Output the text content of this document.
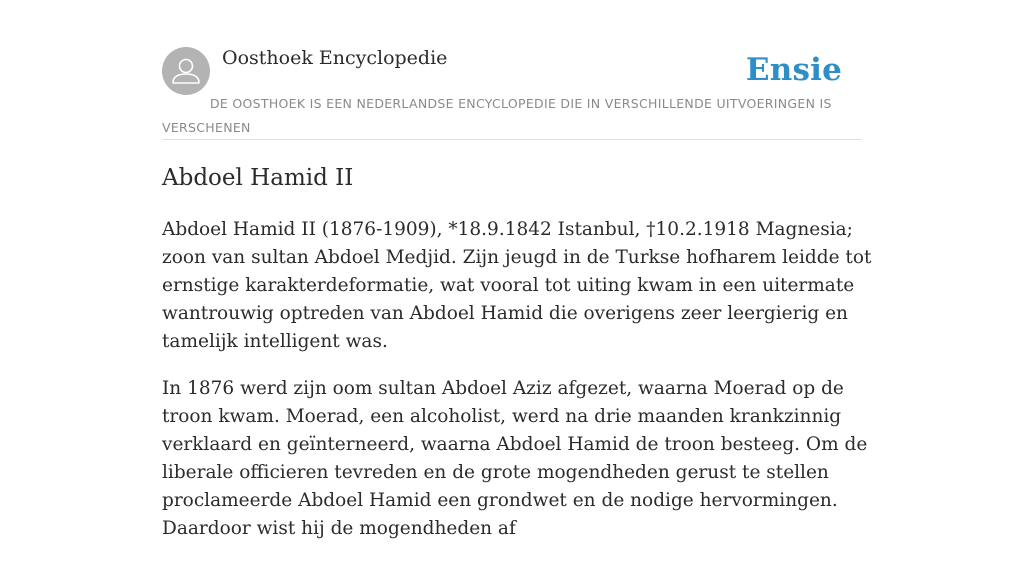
Oosthoek Encyclopedie	Ensie
DE OOSTHOEK IS EEN NEDERLANDSE ENCYCLOPEDIE DIE IN VERSCHILLENDE UITVOERINGEN IS VERSCHENEN
Abdoel Hamid II

Abdoel Hamid II (1876-1909), *18.9.1842 Istanbul, †10.2.1918 Magnesia; zoon van sultan Abdoel Medjid. Zijn jeugd in de Turkse hofharem leidde tot ernstige karakterdeformatie, wat vooral tot uiting kwam in een uitermate wantrouwig optreden van Abdoel Hamid die overigens zeer leergierig en tamelijk intelligent was.

In 1876 werd zijn oom sultan Abdoel Aziz afgezet, waarna Moerad op de troon kwam. Moerad, een alcoholist, werd na drie maanden krankzinnig verklaard en geïnterneerd, waarna Abdoel Hamid de troon besteeg. Om de liberale officieren tevreden en de grote mogendheden gerust te stellen proclameerde Abdoel Hamid een grondwet en de nodige hervormingen. Daardoor wist hij de mogendheden af
